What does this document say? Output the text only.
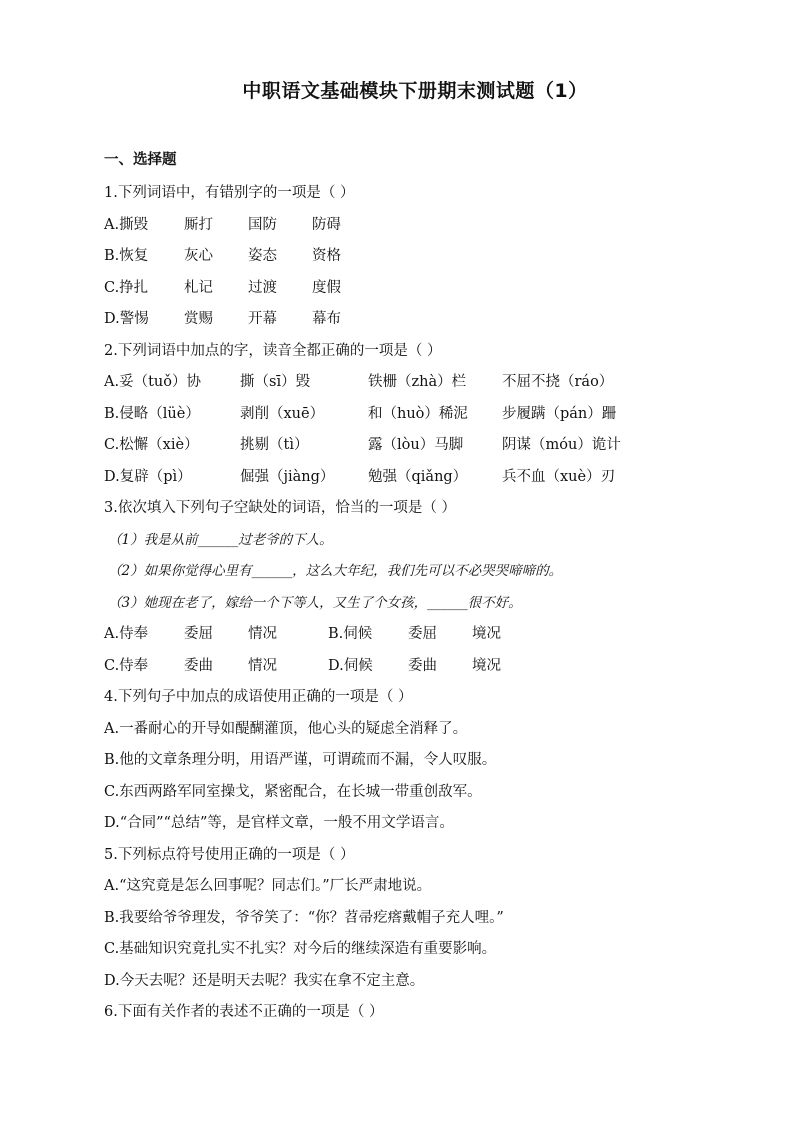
中职语文基础模块下册期末测试题（1）
一、选择题
1.下列词语中，有错别字的一项是（ ）
A.撕毁 厮打 国防 防碍
B.恢复 灰心 姿态 资格
C.挣扎 札记 过渡 度假
D.警惕 赏赐 开幕 幕布
2.下列词语中加点的字，读音全都正确的一项是（ ）
A.妥（tuǒ）协	撕（sī）毁	铁栅（zhà）栏 不屈不挠（ráo）
B.侵略（lüè）	剥削（xuē）	和（huò）稀泥 步履蹒（pán）跚
C.松懈（xiè）	挑剔（tì）	露（lòu）马脚	阴谋（móu）诡计
D.复辟（pì）	倔强（jiàng） 勉强（qiǎng） 兵不血（xuè）刃
3.依次填入下列句子空缺处的词语，恰当的一项是（ ）
（1）我是从前______过老爷的下人。
（2）如果你觉得心里有______，这么大年纪，我们先可以不必哭哭啼啼的。
（3）她现在老了，嫁给一个下等人，又生了个女孩，______很不好。
A.侍奉 委屈 情况	B.伺候 委屈 境况
C.侍奉 委曲 情况	D.伺候 委曲 境况
4.下列句子中加点的成语使用正确的一项是（ ）
A.一番耐心的开导如醍醐灌顶，他心头的疑虑全消释了。
B.他的文章条理分明，用语严谨，可谓疏而不漏，令人叹服。
C.东西两路军同室操戈，紧密配合，在长城一带重创敌军。
D.“合同”“总结”等，是官样文章，一般不用文学语言。
5.下列标点符号使用正确的一项是（ ）
A.“这究竟是怎么回事呢？同志们。”厂长严肃地说。
B.我要给爷爷理发，爷爷笑了：“你？苕帚疙瘩戴帽子充人哩。”
C.基础知识究竟扎实不扎实？对今后的继续深造有重要影响。
D.今天去呢？还是明天去呢？我实在拿不定主意。
6.下面有关作者的表述不正确的一项是（ ）
